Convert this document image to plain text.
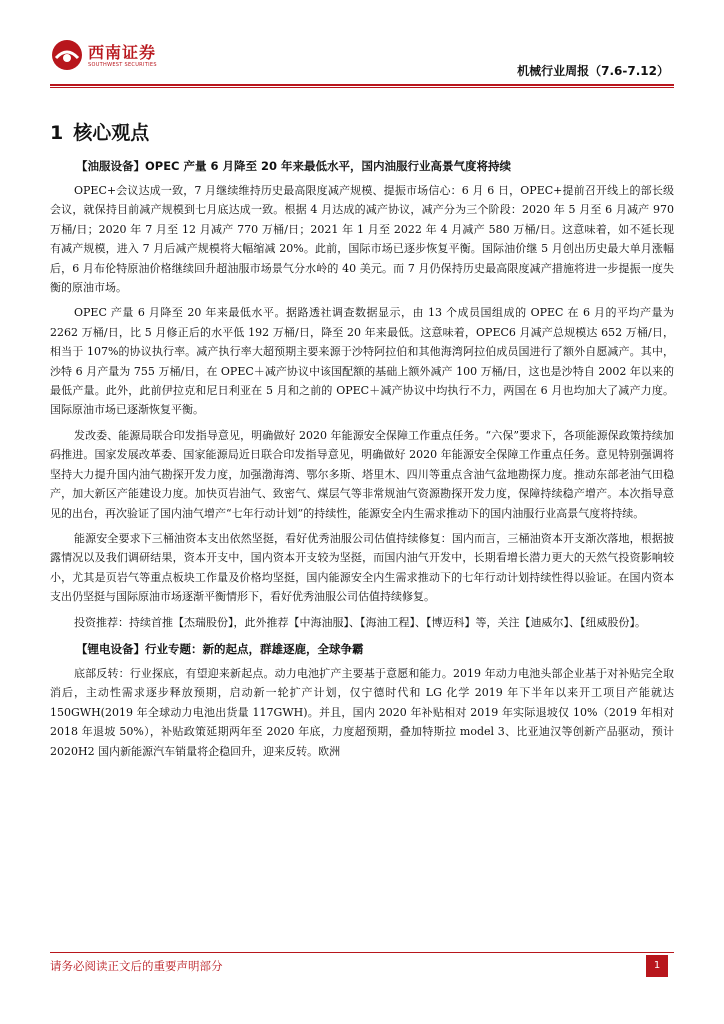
西南证券
SOUTHWEST SECURITIES	机械行业周报（7.6-7.12）
1 核心观点
【油服设备】OPEC 产量 6 月降至 20 年来最低水平，国内油服行业高景气度将持续

OPEC+会议达成一致，7 月继续维持历史最高限度减产规模、提振市场信心：6 月 6 日，OPEC+提前召开线上的部长级会议，就保持目前减产规模到七月底达成一致。根据 4 月达成的减产协议，减产分为三个阶段：2020 年 5 月至 6 月减产 970 万桶/日；2020 年 7 月至 12 月减产 770 万桶/日；2021 年 1 月至 2022 年 4 月减产 580 万桶/日。这意味着，如不延长现有减产规模，进入 7 月后减产规模将大幅缩减 20%。此前，国际市场已逐步恢复平衡。国际油价继 5 月创出历史最大单月涨幅后，6 月布伦特原油价格继续回升超油服市场景气分水岭的 40 美元。而 7 月仍保持历史最高限度减产措施将进一步提振一度失衡的原油市场。

OPEC 产量 6 月降至 20 年来最低水平。据路透社调查数据显示，由 13 个成员国组成的 OPEC 在 6 月的平均产量为 2262 万桶/日，比 5 月修正后的水平低 192 万桶/日，降至 20 年来最低。这意味着，OPEC6 月减产总规模达 652 万桶/日，相当于 107%的协议执行率。减产执行率大超预期主要来源于沙特阿拉伯和其他海湾阿拉伯成员国进行了额外自愿减产。其中，沙特 6 月产量为 755 万桶/日，在 OPEC＋减产协议中该国配额的基础上额外减产 100 万桶/日，这也是沙特自 2002 年以来的最低产量。此外，此前伊拉克和尼日利亚在 5 月和之前的 OPEC＋减产协议中均执行不力，两国在 6 月也均加大了减产力度。国际原油市场已逐渐恢复平衡。

发改委、能源局联合印发指导意见，明确做好 2020 年能源安全保障工作重点任务。“六保”要求下，各项能源保政策持续加码推进。国家发展改革委、国家能源局近日联合印发指导意见，明确做好 2020 年能源安全保障工作重点任务。意见特别强调将坚持大力提升国内油气勘探开发力度，加强渤海湾、鄂尔多斯、塔里木、四川等重点含油气盆地勘探力度。推动东部老油气田稳产，加大新区产能建设力度。加快页岩油气、致密气、煤层气等非常规油气资源勘探开发力度，保障持续稳产增产。本次指导意见的出台，再次验证了国内油气增产“七年行动计划”的持续性，能源安全内生需求推动下的国内油服行业高景气度将持续。

能源安全要求下三桶油资本支出依然坚挺，看好优秀油服公司估值持续修复：国内而言，三桶油资本开支渐次落地，根据披露情况以及我们调研结果，资本开支中，国内资本开支较为坚挺，而国内油气开发中，长期看增长潜力更大的天然气投资影响较小，尤其是页岩气等重点板块工作量及价格均坚挺，国内能源安全内生需求推动下的七年行动计划持续性得以验证。在国内资本支出仍坚挺与国际原油市场逐渐平衡情形下，看好优秀油服公司估值持续修复。

投资推荐：持续首推【杰瑞股份】，此外推荐【中海油服】、【海油工程】、【博迈科】等，关注【迪威尔】、【纽威股份】。

【锂电设备】行业专题：新的起点，群雄逐鹿，全球争霸

底部反转：行业探底，有望迎来新起点。动力电池扩产主要基于意愿和能力。2019 年动力电池头部企业基于对补贴完全取消后，主动性需求逐步释放预期，启动新一轮扩产计划，仅宁德时代和 LG 化学 2019 年下半年以来开工项目产能就达 150GWH(2019 年全球动力电池出货量 117GWH)。并且，国内 2020 年补贴相对 2019 年实际退坡仅 10%（2019 年相对 2018 年退坡 50%），补贴政策延期两年至 2020 年底，力度超预期，叠加特斯拉 model 3、比亚迪汉等创新产品驱动，预计 2020H2 国内新能源汽车销量将企稳回升，迎来反转。欧洲

请务必阅读正文后的重要声明部分	1
